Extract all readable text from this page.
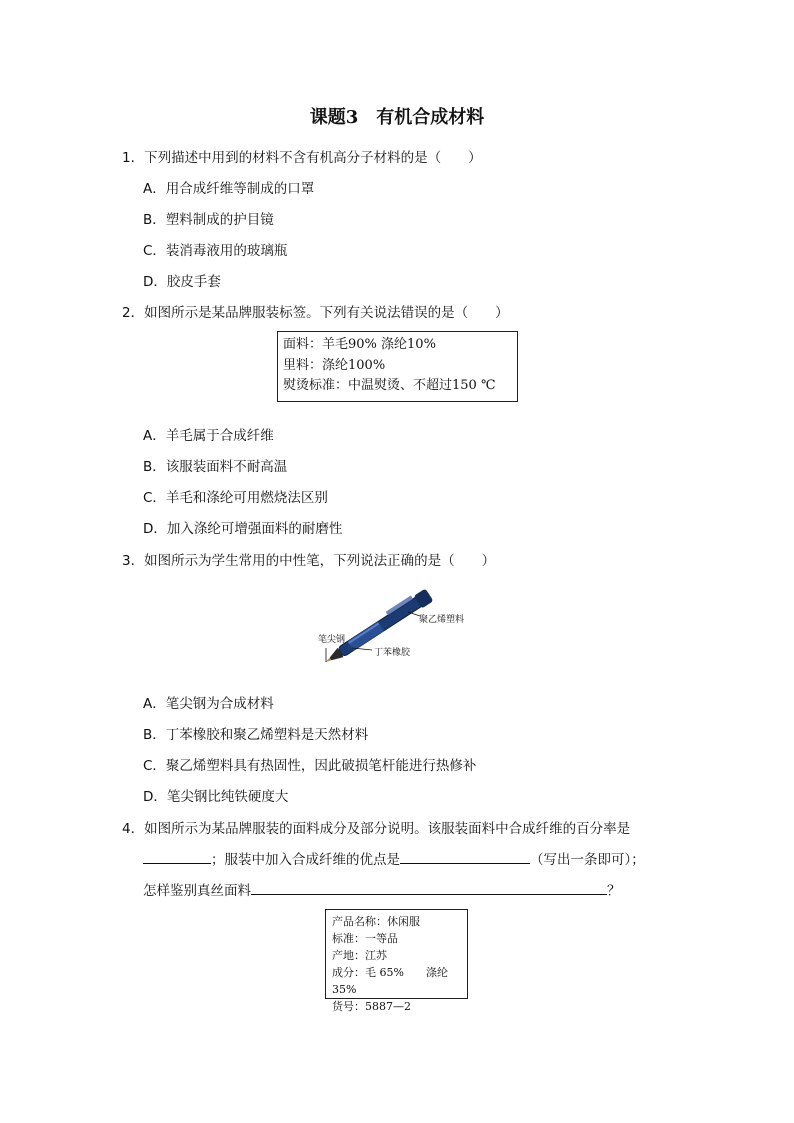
课题3　有机合成材料
1．下列描述中用到的材料不含有机高分子材料的是（　　）
A．用合成纤维等制成的口罩
B．塑料制成的护目镜
C．装消毒液用的玻璃瓶
D．胶皮手套
2．如图所示是某品牌服装标签。下列有关说法错误的是（　　）
面料：羊毛90% 涤纶10%
里料：涤纶100%
熨烫标准：中温熨烫、不超过150 ℃
A．羊毛属于合成纤维
B．该服装面料不耐高温
C．羊毛和涤纶可用燃烧法区别
D．加入涤纶可增强面料的耐磨性
3．如图所示为学生常用的中性笔，下列说法正确的是（　　）
聚乙烯塑料
笔尖钢
丁苯橡胶
A．笔尖钢为合成材料
B．丁苯橡胶和聚乙烯塑料是天然材料
C．聚乙烯塑料具有热固性，因此破损笔杆能进行热修补
D．笔尖钢比纯铁硬度大
4．如图所示为某品牌服装的面料成分及部分说明。该服装面料中合成纤维的百分率是
；服装中加入合成纤维的优点是	（写出一条即可）；
怎样鉴别真丝面料	？
产品名称：休闲服
标准：一等品
产地：江苏
成分：毛 65%　　涤纶 35%
货号：5887—2
